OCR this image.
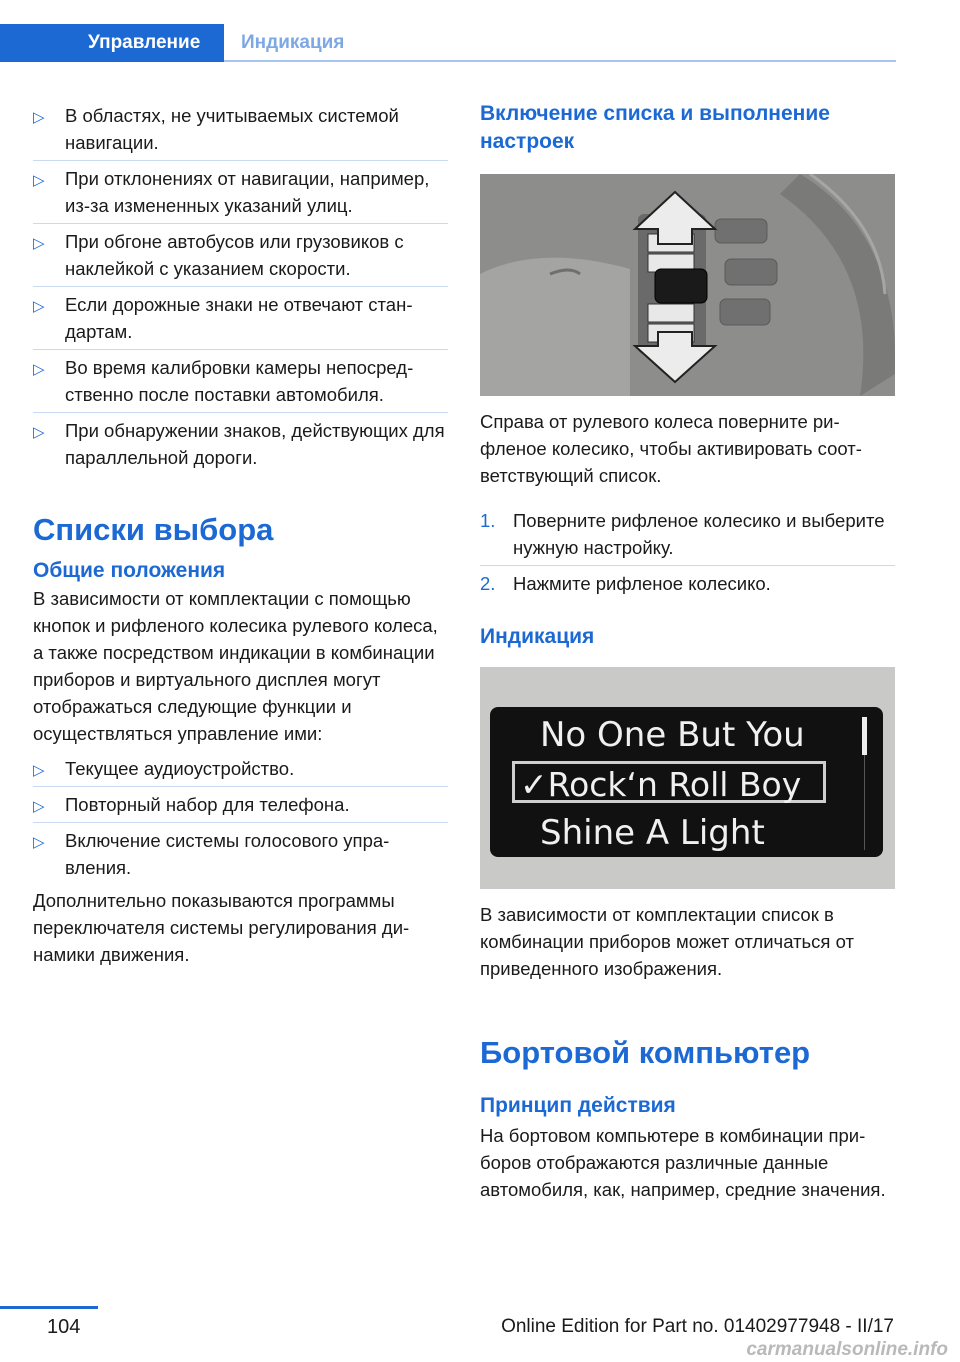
Управление	Индикация
▷ В областях, не учитываемых системой навигации.
▷ При отклонениях от навигации, например, из-за измененных указаний улиц.
▷ При обгоне автобусов или грузовиков с наклейкой с указанием скорости.
▷ Если дорожные знаки не отвечают стандартам.
▷ Во время калибровки камеры непосредственно после поставки автомобиля.
▷ При обнаружении знаков, действующих для параллельной дороги.
Списки выбора
Общие положения

В зависимости от комплектации с помощью кнопок и рифленого колесика рулевого колеса, а также посредством индикации в комбинации приборов и виртуального дисплея могут отображаться следующие функции и осуществляться управление ими:

▷ Текущее аудиоустройство.
▷ Повторный набор для телефона.
▷ Включение системы голосового управления.

Дополнительно показываются программы переключателя системы регулирования динамики движения.

Включение списка и выполнение настроек

Справа от рулевого колеса поверните рифленое колесико, чтобы активировать соответствующий список.

1. Поверните рифленое колесико и выберите нужную настройку.
2. Нажмите рифленое колесико.
Индикация
No One But You
✓Rock‘n Roll Boy
Shine A Light

В зависимости от комплектации список в комбинации приборов может отличаться от приведенного изображения.

Бортовой компьютер
Принцип действия

На бортовом компьютере в комбинации приборов отображаются различные данные автомобиля, как, например, средние значения.

104	Online Edition for Part no. 01402977948 - II/17
carmanualsonline.info
